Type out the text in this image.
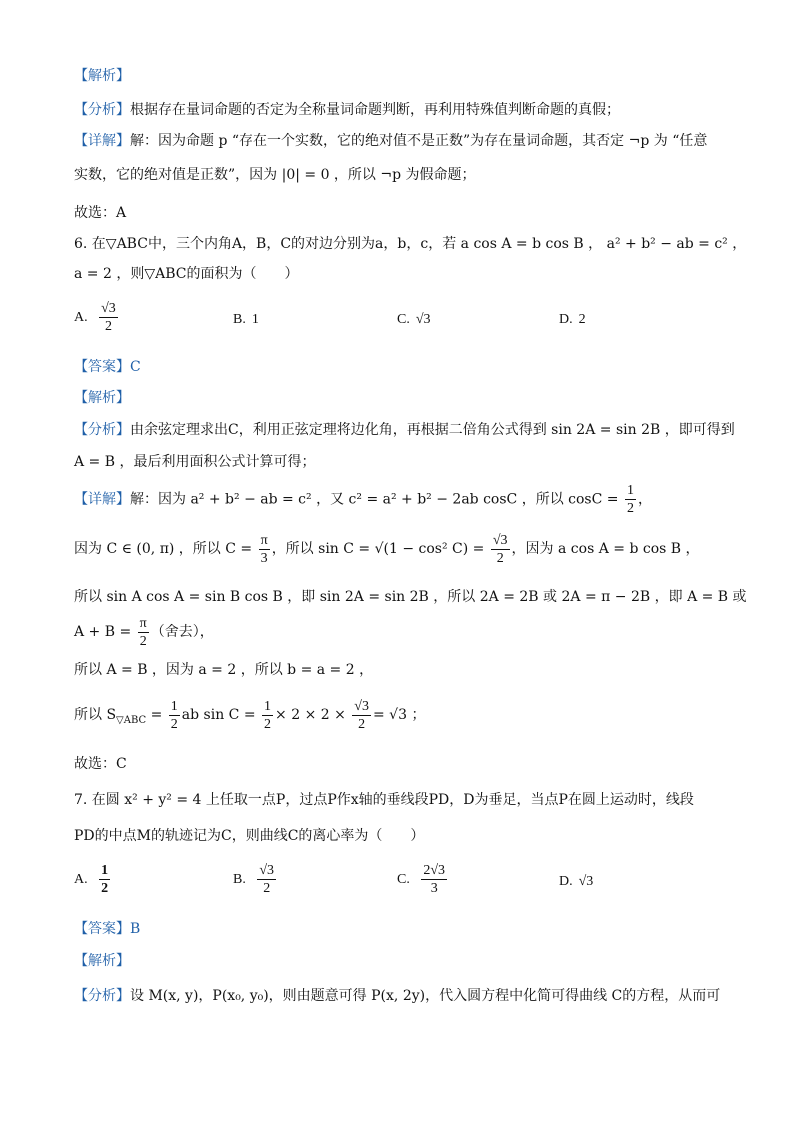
【解析】
【分析】根据存在量词命题的否定为全称量词命题判断，再利用特殊值判断命题的真假；
【详解】解：因为命题 p “存在一个实数，它的绝对值不是正数”为存在量词命题，其否定 ¬p 为 “任意
实数，它的绝对值是正数”，因为 |0| = 0 ，所以 ¬p 为假命题；
故选：A
6. 在▽ABC中，三个内角A，B，C的对边分别为a，b，c，若 a cos A = b cos B ， a² + b² − ab = c² ，
a = 2 ，则▽ABC的面积为（　　）
A. $\frac{√3}{2}$	B. 1	C. √3	D. 2
【答案】C
【解析】
【分析】由余弦定理求出C，利用正弦定理将边化角，再根据二倍角公式得到 sin 2A = sin 2B ，即可得到
A = B ，最后利用面积公式计算可得；
【详解】解：因为 a² + b² − ab = c² ，又 c² = a² + b² − 2ab cosC ，所以 $\cos C = \frac{1}{2}$ ，
因为 C ∈ (0, π) ，所以 $C = \frac{\pi}{3}$ ，所以 sin C = √(1 − cos² $C) = \frac{√3}{2}$ ，因为 a cos A = b cos B ，
所以 sin A cos A = sin B cos B ，即 sin 2A = sin 2B ，所以 2A = 2B 或 2A = π − 2B ，即 A = B 或
$A + B = \frac{\pi}{2}$ （舍去），
所以 A = B ，因为 a = 2 ，所以 b = a = 2 ，
所以 $S_{▽ABC} = \frac{1}{2}$ ab $\sin C = \frac{1}{2} \times 2 \times 2 \times \frac{√3}{2} = √3$ ；
故选：C
7. 在圆 x² + y² = 4 上任取一点P，过点P作x轴的垂线段PD，D为垂足，当点P在圆上运动时，线段
PD的中点M的轨迹记为C，则曲线C的离心率为（　　）
A. $\frac{1}{2}$	B. $\frac{√3}{2}$	C. $\frac{2√3}{3}$	D. √3
【答案】B
【解析】
【分析】设 M(x, y)，P(x₀, y₀)，则由题意可得 P(x, 2y)，代入圆方程中化简可得曲线 C的方程，从而可
